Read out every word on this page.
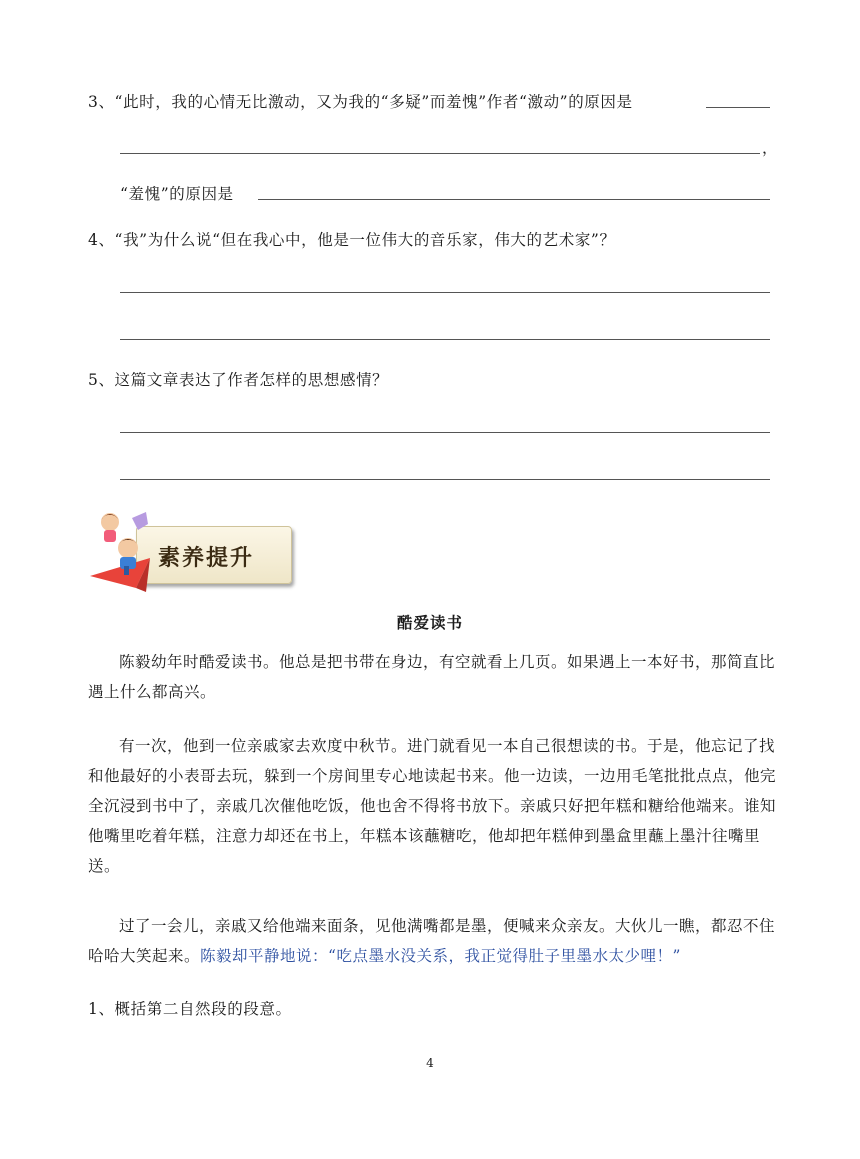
3、“此时，我的心情无比激动，又为我的“多疑”而羞愧”作者“激动”的原因是
，
“羞愧”的原因是
4、“我”为什么说“但在我心中，他是一位伟大的音乐家，伟大的艺术家”？
5、这篇文章表达了作者怎样的思想感情？
素养提升
酷爱读书

陈毅幼年时酷爱读书。他总是把书带在身边，有空就看上几页。如果遇上一本好书，那简直比遇上什么都高兴。

有一次，他到一位亲戚家去欢度中秋节。进门就看见一本自己很想读的书。于是，他忘记了找和他最好的小表哥去玩，躲到一个房间里专心地读起书来。他一边读，一边用毛笔批批点点，他完全沉浸到书中了，亲戚几次催他吃饭，他也舍不得将书放下。亲戚只好把年糕和糖给他端来。谁知他嘴里吃着年糕，注意力却还在书上，年糕本该蘸糖吃，他却把年糕伸到墨盒里蘸上墨汁往嘴里送。

过了一会儿，亲戚又给他端来面条，见他满嘴都是墨，便喊来众亲友。大伙儿一瞧，都忍不住哈哈大笑起来。陈毅却平静地说：“吃点墨水没关系，我正觉得肚子里墨水太少哩！”

1、概括第二自然段的段意。
4
